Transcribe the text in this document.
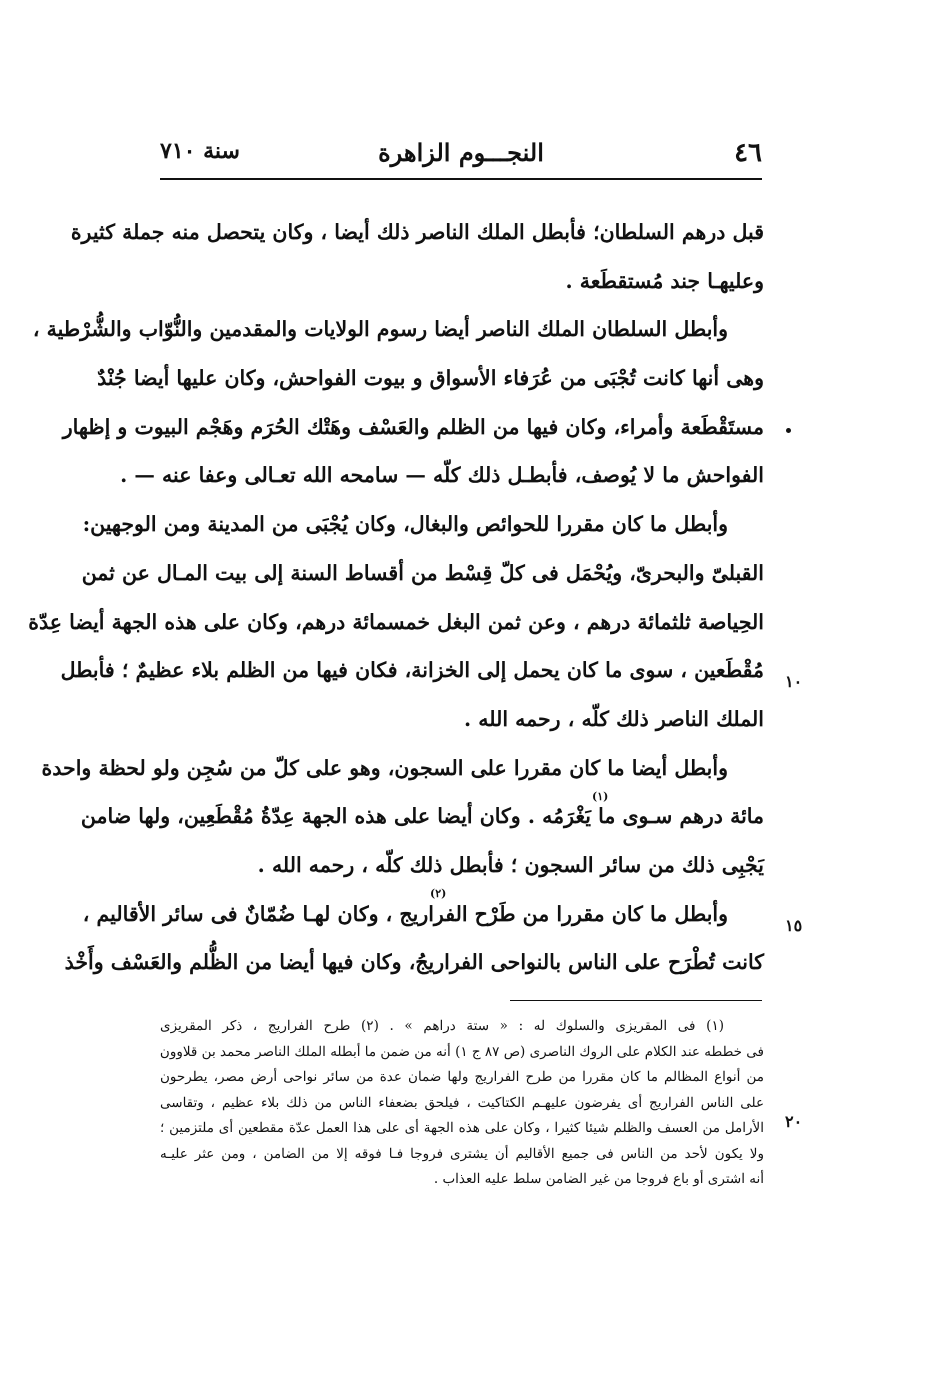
٤٦
النجـــوم الزاهرة
سنة ٧١٠
قبل درهم السلطان؛ فأبطل الملك الناصر ذلك أيضا ، وكان يتحصل منه جملة كثيرة
وعليهـا جند مُستقطَعة .
وأبطل السلطان الملك الناصر أيضا رسوم الولايات والمقدمين والنُّوّاب والشُّرْطية ،
وهى أنها كانت تُجْبَى من عُرَفاء الأسواق و بيوت الفواحش، وكان عليها أيضا جُنْدٌ
مستَقْطَعة وأمراء، وكان فيها من الظلم والعَسْف وهَتْك الحُرَم وهَجْم البيوت و إظهار
الفواحش ما لا يُوصف، فأبطـل ذلك كلّه — سامحه الله تعـالى وعفا عنه — .
وأبطل ما كان مقررا للحوائص والبغال، وكان يُجْبَى من المدينة ومن الوجهين:
القبلىّ والبحرىّ، ويُحْمَل فى كلّ قِسْط من أقساط السنة إلى بيت المـال عن ثمن
الحِياصة ثلثمائة درهم ، وعن ثمن البغل خمسمائة درهم، وكان على هذه الجهة أيضا عِدّة
مُقْطَعين ، سوى ما كان يحمل إلى الخزانة، فكان فيها من الظلم بلاء عظيمٌ ؛ فأبطل
الملك الناصر ذلك كلّه ، رحمه الله .
وأبطل أيضا ما كان مقررا على السجون، وهو على كلّ من سُجِن ولو لحظة واحدة
مائة درهم سـوى ما يَغْرَمُه . وكان أيضا على هذه الجهة عِدّةُ مُقْطَعِين، ولها ضامن
يَجْبِى ذلك من سائر السجون ؛ فأبطل ذلك كلّه ، رحمه الله .
وأبطل ما كان مقررا من طَرْح الفراريج ، وكان لهـا ضُمّانٌ فى سائر الأقاليم ،
كانت تُطْرَح على الناس بالنواحى الفراريجُ، وكان فيها أيضا من الظُّلم والعَسْف وأَخْذ
(١)
(٢)
١٠
١٥
٢٠
(١) فى المقريزى والسلوك له : « ستة دراهم » . (٢) طرح الفراريج ، ذكر المقريزى
فى خططه عند الكلام على الروك الناصرى (ص ٨٧ ج ١) أنه من ضمن ما أبطله الملك الناصر محمد بن قلاوون
من أنواع المظالم ما كان مقررا من طرح الفراريج ولها ضمان عدة من سائر نواحى أرض مصر، يطرحون
على الناس الفراريج أى يفرضون عليهـم الكتاكيت ، فيلحق بضعفاء الناس من ذلك بلاء عظيم ، وتقاسى
الأرامل من العسف والظلم شيئا كثيرا ، وكان على هذه الجهة أى على هذا العمل عدّة مقطعين أى ملتزمين ؛
ولا يكون لأحد من الناس فى جميع الأقاليم أن يشترى فروجا فـا فوقه إلا من الضامن ، ومن عثر عليـه
أنه اشترى أو باع فروجا من غير الضامن سلط عليه العذاب .
